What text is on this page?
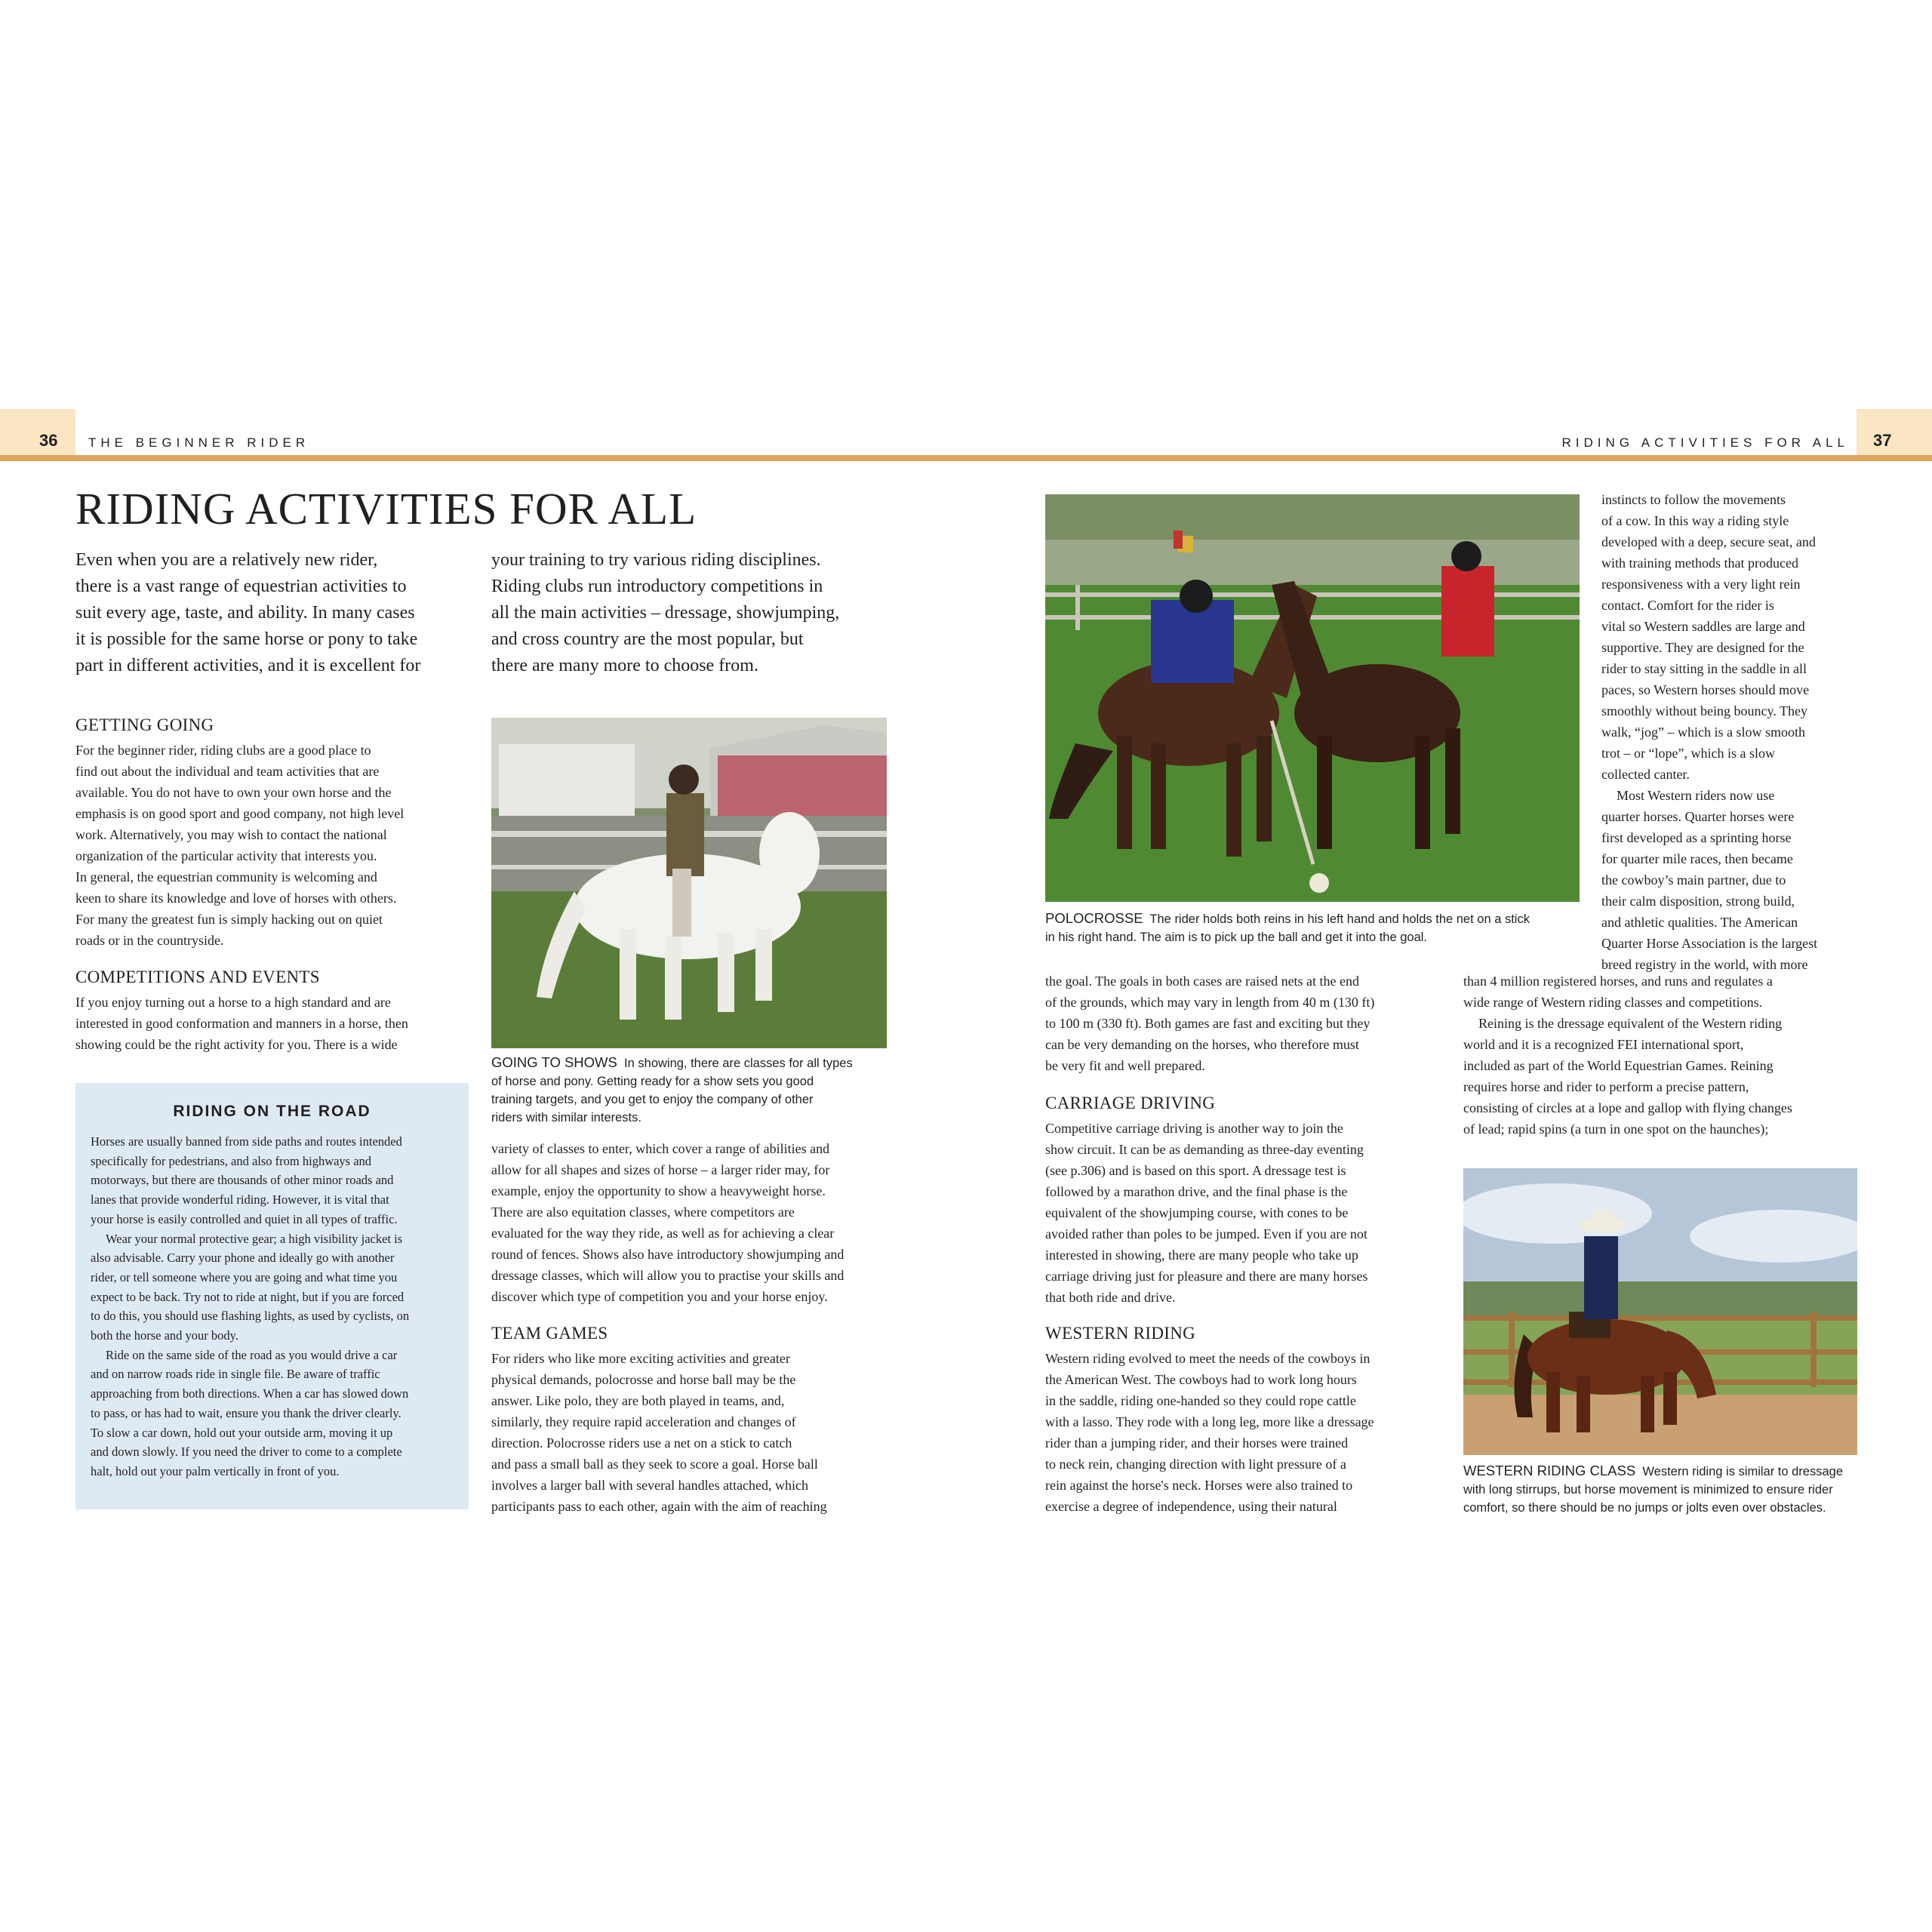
36 THE BEGINNER RIDER	RIDING ACTIVITIES FOR ALL 37
RIDING ACTIVITIES FOR ALL
Even when you are a relatively new rider,
there is a vast range of equestrian activities to
suit every age, taste, and ability. In many cases
it is possible for the same horse or pony to take
part in different activities, and it is excellent for
your training to try various riding disciplines.
Riding clubs run introductory competitions in
all the main activities – dressage, showjumping,
and cross country are the most popular, but
there are many more to choose from.
GETTING GOING
For the beginner rider, riding clubs are a good place to
find out about the individual and team activities that are
available. You do not have to own your own horse and the
emphasis is on good sport and good company, not high level
work. Alternatively, you may wish to contact the national
organization of the particular activity that interests you.
In general, the equestrian community is welcoming and
keen to share its knowledge and love of horses with others.
For many the greatest fun is simply hacking out on quiet
roads or in the countryside.
COMPETITIONS AND EVENTS
If you enjoy turning out a horse to a high standard and are
interested in good conformation and manners in a horse, then
showing could be the right activity for you. There is a wide
RIDING ON THE ROAD
Horses are usually banned from side paths and routes intended
specifically for pedestrians, and also from highways and
motorways, but there are thousands of other minor roads and
lanes that provide wonderful riding. However, it is vital that
your horse is easily controlled and quiet in all types of traffic.
Wear your normal protective gear; a high visibility jacket is
also advisable. Carry your phone and ideally go with another
rider, or tell someone where you are going and what time you
expect to be back. Try not to ride at night, but if you are forced
to do this, you should use flashing lights, as used by cyclists, on
both the horse and your body.
Ride on the same side of the road as you would drive a car
and on narrow roads ride in single file. Be aware of traffic
approaching from both directions. When a car has slowed down
to pass, or has had to wait, ensure you thank the driver clearly.
To slow a car down, hold out your outside arm, moving it up
and down slowly. If you need the driver to come to a complete
halt, hold out your palm vertically in front of you.
GOING TO SHOWS In showing, there are classes for all types
of horse and pony. Getting ready for a show sets you good
training targets, and you get to enjoy the company of other
riders with similar interests.
variety of classes to enter, which cover a range of abilities and
allow for all shapes and sizes of horse – a larger rider may, for
example, enjoy the opportunity to show a heavyweight horse.
There are also equitation classes, where competitors are
evaluated for the way they ride, as well as for achieving a clear
round of fences. Shows also have introductory showjumping and
dressage classes, which will allow you to practise your skills and
discover which type of competition you and your horse enjoy.
TEAM GAMES
For riders who like more exciting activities and greater
physical demands, polocrosse and horse ball may be the
answer. Like polo, they are both played in teams, and,
similarly, they require rapid acceleration and changes of
direction. Polocrosse riders use a net on a stick to catch
and pass a small ball as they seek to score a goal. Horse ball
involves a larger ball with several handles attached, which
participants pass to each other, again with the aim of reaching
POLOCROSSE The rider holds both reins in his left hand and holds the net on a stick
in his right hand. The aim is to pick up the ball and get it into the goal.
the goal. The goals in both cases are raised nets at the end
of the grounds, which may vary in length from 40 m (130 ft)
to 100 m (330 ft). Both games are fast and exciting but they
can be very demanding on the horses, who therefore must
be very fit and well prepared.
CARRIAGE DRIVING
Competitive carriage driving is another way to join the
show circuit. It can be as demanding as three-day eventing
(see p.306) and is based on this sport. A dressage test is
followed by a marathon drive, and the final phase is the
equivalent of the showjumping course, with cones to be
avoided rather than poles to be jumped. Even if you are not
interested in showing, there are many people who take up
carriage driving just for pleasure and there are many horses
that both ride and drive.
WESTERN RIDING
Western riding evolved to meet the needs of the cowboys in
the American West. The cowboys had to work long hours
in the saddle, riding one-handed so they could rope cattle
with a lasso. They rode with a long leg, more like a dressage
rider than a jumping rider, and their horses were trained
to neck rein, changing direction with light pressure of a
rein against the horse's neck. Horses were also trained to
exercise a degree of independence, using their natural
instincts to follow the movements
of a cow. In this way a riding style
developed with a deep, secure seat, and
with training methods that produced
responsiveness with a very light rein
contact. Comfort for the rider is
vital so Western saddles are large and
supportive. They are designed for the
rider to stay sitting in the saddle in all
paces, so Western horses should move
smoothly without being bouncy. They
walk, “jog” – which is a slow smooth
trot – or “lope”, which is a slow
collected canter.
Most Western riders now use
quarter horses. Quarter horses were
first developed as a sprinting horse
for quarter mile races, then became
the cowboy’s main partner, due to
their calm disposition, strong build,
and athletic qualities. The American
Quarter Horse Association is the largest
breed registry in the world, with more
than 4 million registered horses, and runs and regulates a
wide range of Western riding classes and competitions.
Reining is the dressage equivalent of the Western riding
world and it is a recognized FEI international sport,
included as part of the World Equestrian Games. Reining
requires horse and rider to perform a precise pattern,
consisting of circles at a lope and gallop with flying changes
of lead; rapid spins (a turn in one spot on the haunches);
WESTERN RIDING CLASS Western riding is similar to dressage
with long stirrups, but horse movement is minimized to ensure rider
comfort, so there should be no jumps or jolts even over obstacles.
